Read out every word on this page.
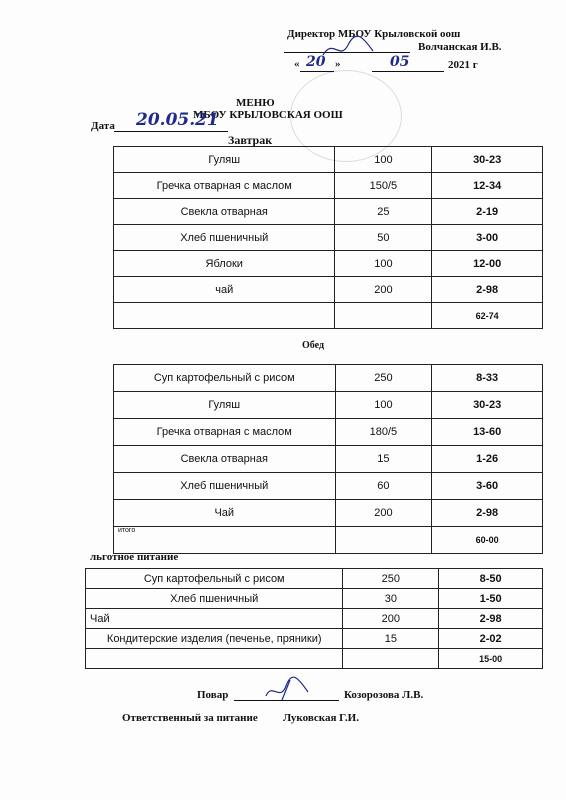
Директор МБОУ Крыловской оош
Волчанская И.В.
« 20 »	05	2021 г
МЕНЮ
МБОУ КРЫЛОВСКАЯ ООШ
Дата 20.05.21
Завтрак
Гуляш	100	30-23
Гречка отварная с маслом	150/5	12-34
Свекла отварная	25	2-19
Хлеб пшеничный	50	3-00
Яблоки	100	12-00
чай	200	2-98
		62-74
Обед
Суп картофельный с рисом	250	8-33
Гуляш	100	30-23
Гречка отварная с маслом	180/5	13-60
Свекла отварная	15	1-26
Хлеб пшеничный	60	3-60
Чай	200	2-98
итого		60-00
льготное питание
Суп картофельный с рисом	250	8-50
Хлеб пшеничный	30	1-50
Чай	200	2-98
Кондитерские изделия (печенье, пряники)	15	2-02
		15-00
Повар	Козорозова Л.В.
Ответственный за питание Луковская Г.И.
